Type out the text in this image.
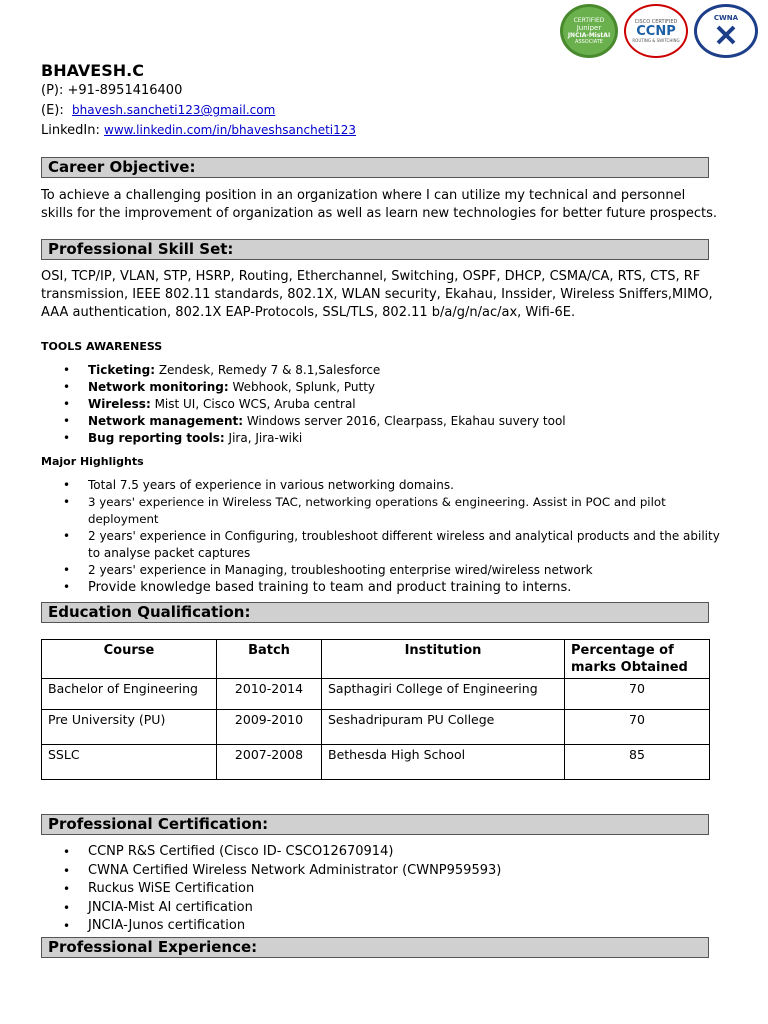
CERTIFIED
Juniper
JNCIA-MistAI
ASSOCIATE
CISCO CERTIFIED
CCNP
ROUTING & SWITCHING
CWNA
BHAVESH.C
(P): +91-8951416400
(E): bhavesh.sancheti123@gmail.com
LinkedIn: www.linkedin.com/in/bhaveshsancheti123
Career Objective:
To achieve a challenging position in an organization where I can utilize my technical and personnel skills for the improvement of organization as well as learn new technologies for better future prospects.
Professional Skill Set:
OSI, TCP/IP, VLAN, STP, HSRP, Routing, Etherchannel, Switching, OSPF, DHCP, CSMA/CA, RTS, CTS, RF transmission, IEEE 802.11 standards, 802.1X, WLAN security, Ekahau, Inssider, Wireless Sniffers,MIMO, AAA authentication, 802.1X EAP-Protocols, SSL/TLS, 802.11 b/a/g/n/ac/ax, Wifi-6E.
TOOLS AWARENESS
• Ticketing: Zendesk, Remedy 7 & 8.1,Salesforce
• Network monitoring: Webhook, Splunk, Putty
• Wireless: Mist UI, Cisco WCS, Aruba central
• Network management: Windows server 2016, Clearpass, Ekahau suvery tool
• Bug reporting tools: Jira, Jira-wiki
Major Highlights
• Total 7.5 years of experience in various networking domains.
• 3 years' experience in Wireless TAC, networking operations & engineering. Assist in POC and pilot deployment
• 2 years' experience in Configuring, troubleshoot different wireless and analytical products and the ability to analyse packet captures
• 2 years' experience in Managing, troubleshooting enterprise wired/wireless network
• Provide knowledge based training to team and product training to interns.
Education Qualification:
Course	Batch	Institution	Percentage of marks Obtained
Bachelor of Engineering	2010-2014	Sapthagiri College of Engineering	70
Pre University (PU)	2009-2010	Seshadripuram PU College	70
SSLC	2007-2008	Bethesda High School	85
Professional Certification:
• CCNP R&S Certified (Cisco ID- CSCO12670914)
• CWNA Certified Wireless Network Administrator (CWNP959593)
• Ruckus WiSE Certification
• JNCIA-Mist AI certification
• JNCIA-Junos certification
Professional Experience:
